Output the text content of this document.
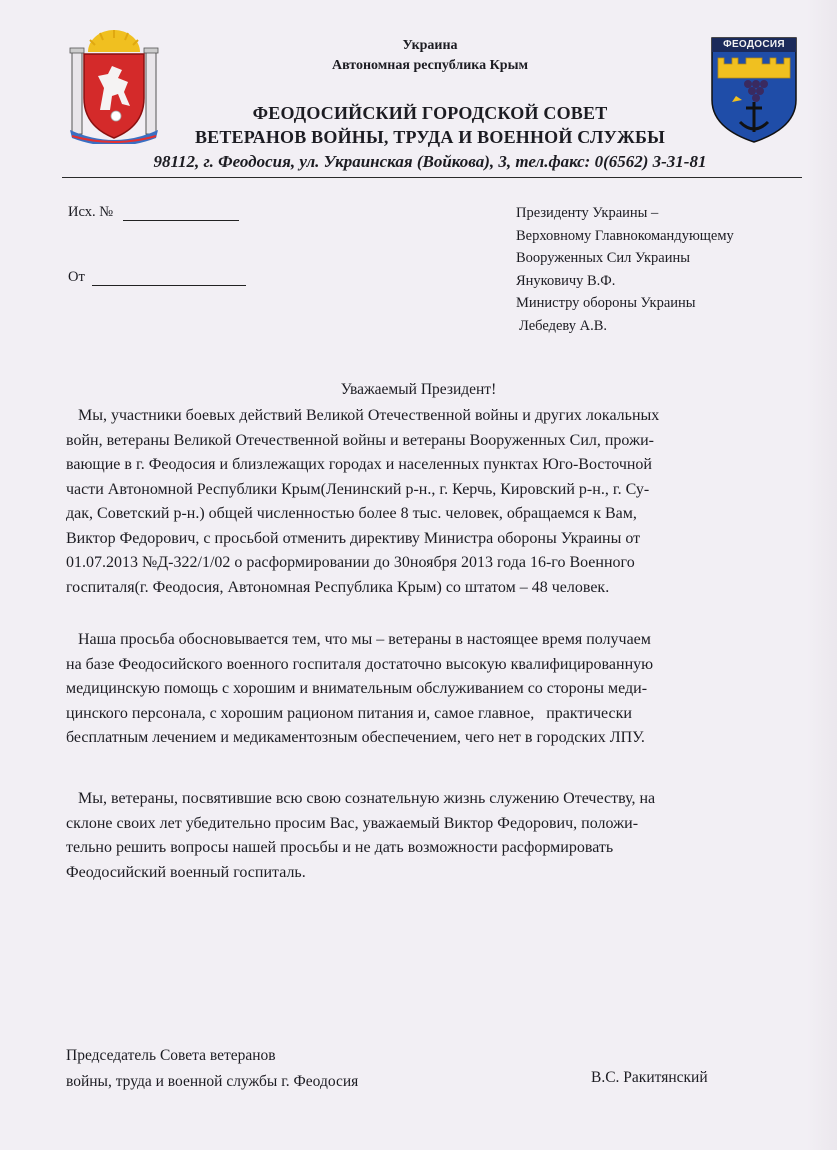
ФЕОДОСИЯ
Украина
Автономная республика Крым
ФЕОДОСИЙСКИЙ ГОРОДСКОЙ СОВЕТ
ВЕТЕРАНОВ ВОЙНЫ, ТРУДА И ВОЕННОЙ СЛУЖБЫ
98112, г. Феодосия, ул. Украинская (Войкова), 3, тел.факс: 0(6562) 3-31-81
Исх. №
От
Президенту Украины –
Верховному Главнокомандующему
Вооруженных Сил Украины
Януковичу В.Ф.
Министру обороны Украины
Лебедеву А.В.
Уважаемый Президент!
Мы, участники боевых действий Великой Отечественной войны и других локальных
войн, ветераны Великой Отечественной войны и ветераны Вооруженных Сил, прожи-
вающие в г. Феодосия и близлежащих городах и населенных пунктах Юго-Восточной
части Автономной Республики Крым(Ленинский р-н., г. Керчь, Кировский р-н., г. Су-
дак, Советский р-н.) общей численностью более 8 тыс. человек, обращаемся к Вам,
Виктор Федорович, с просьбой отменить директиву Министра обороны Украины от
01.07.2013 №Д-322/1/02 о расформировании до 30ноября 2013 года 16-го Военного
госпиталя(г. Феодосия, Автономная Республика Крым) со штатом – 48 человек.
Наша просьба обосновывается тем, что мы – ветераны в настоящее время получаем
на базе Феодосийского военного госпиталя достаточно высокую квалифицированную
медицинскую помощь с хорошим и внимательным обслуживанием со стороны меди-
цинского персонала, с хорошим рационом питания и, самое главное,   практически
бесплатным лечением и медикаментозным обеспечением, чего нет в городских ЛПУ.
Мы, ветераны, посвятившие всю свою сознательную жизнь служению Отечеству, на
склоне своих лет убедительно просим Вас, уважаемый Виктор Федорович, положи-
тельно решить вопросы нашей просьбы и не дать возможности расформировать
Феодосийский военный госпиталь.
Председатель Совета ветеранов
войны, труда и военной службы г. Феодосия	В.С. Ракитянский
